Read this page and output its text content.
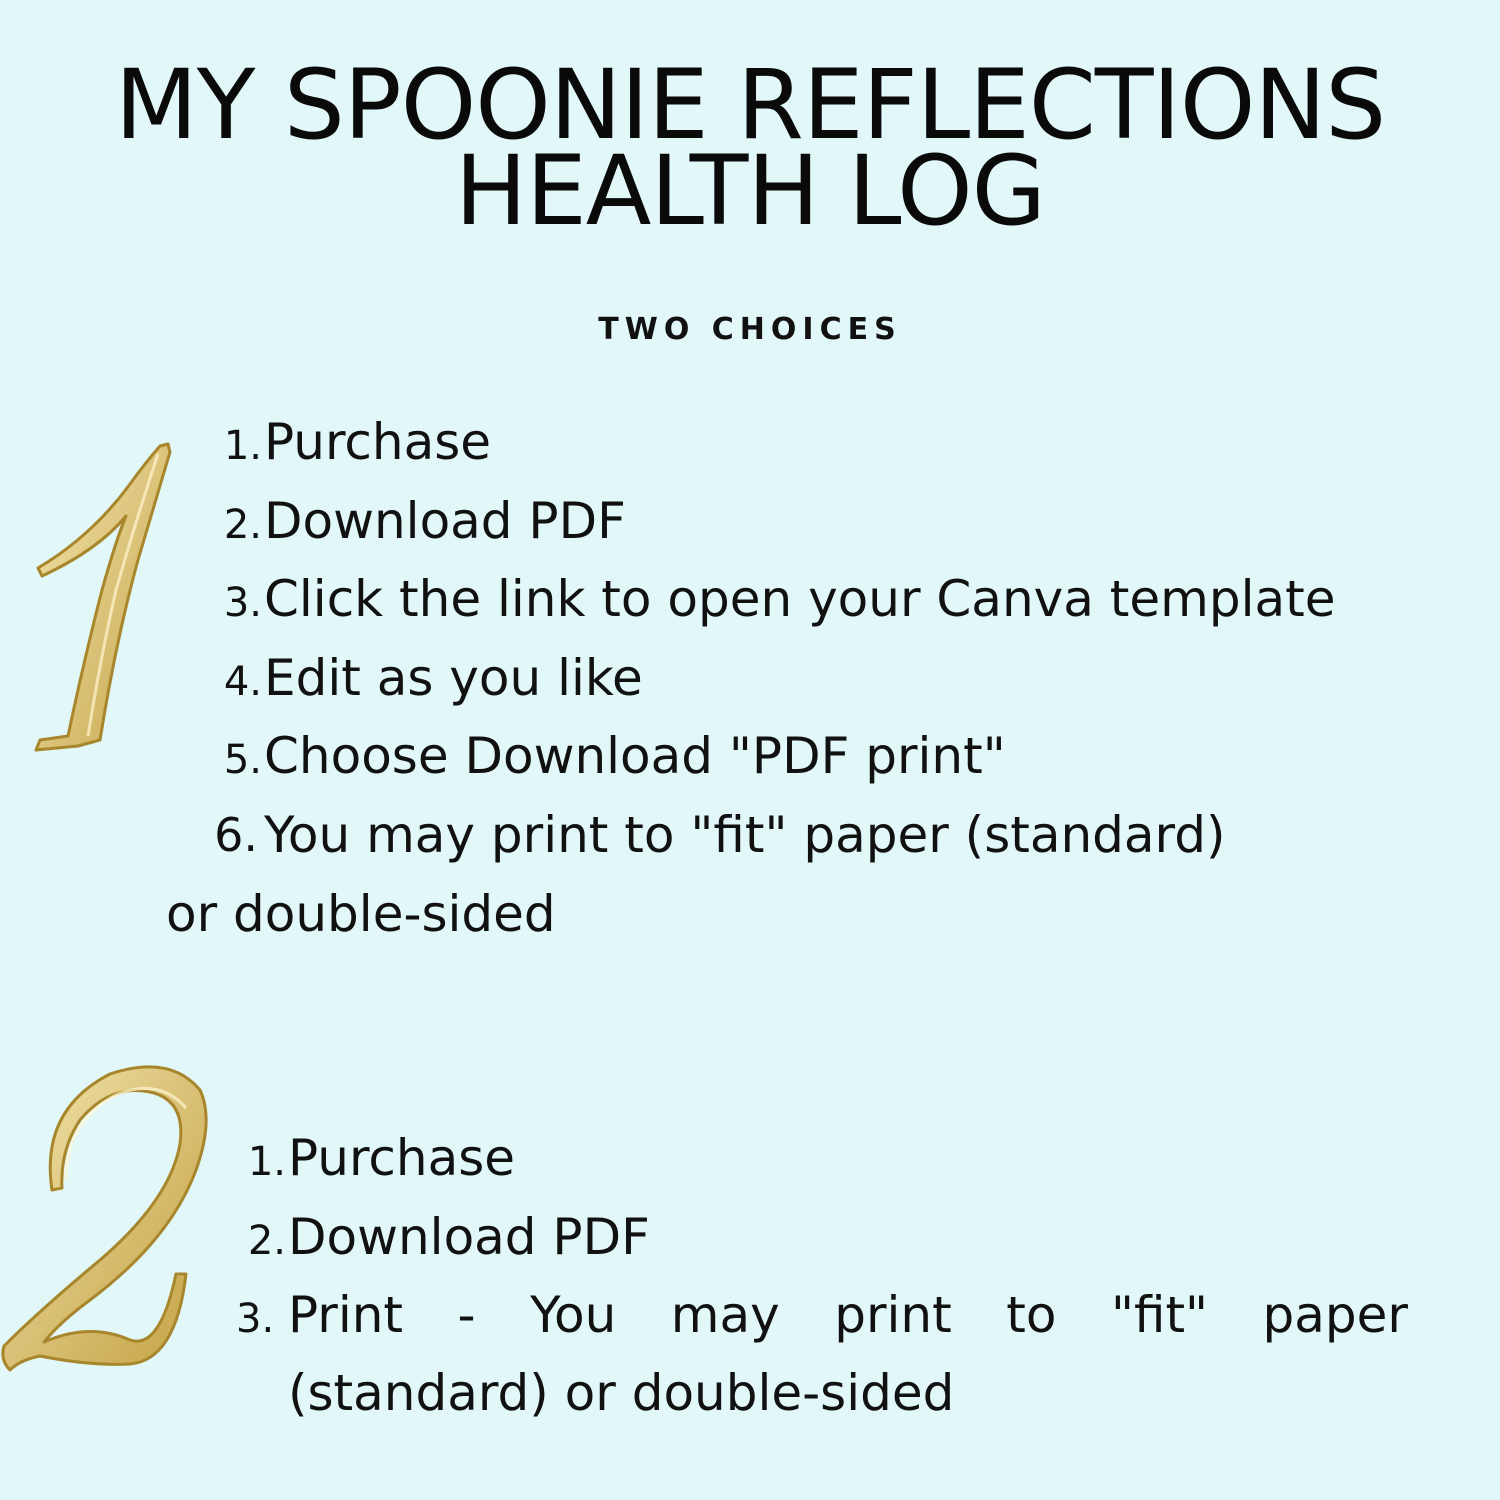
MY SPOONIE REFLECTIONS
HEALTH LOG

TWO CHOICES

1. Purchase
2. Download PDF
3. Click the link to open your Canva template
4. Edit as you like
5. Choose Download "PDF print"
6. You may print to "fit" paper (standard)

or double-sided

1. Purchase
2. Download PDF
3. Print - You may print to "fit" paper (standard) or double-sided
